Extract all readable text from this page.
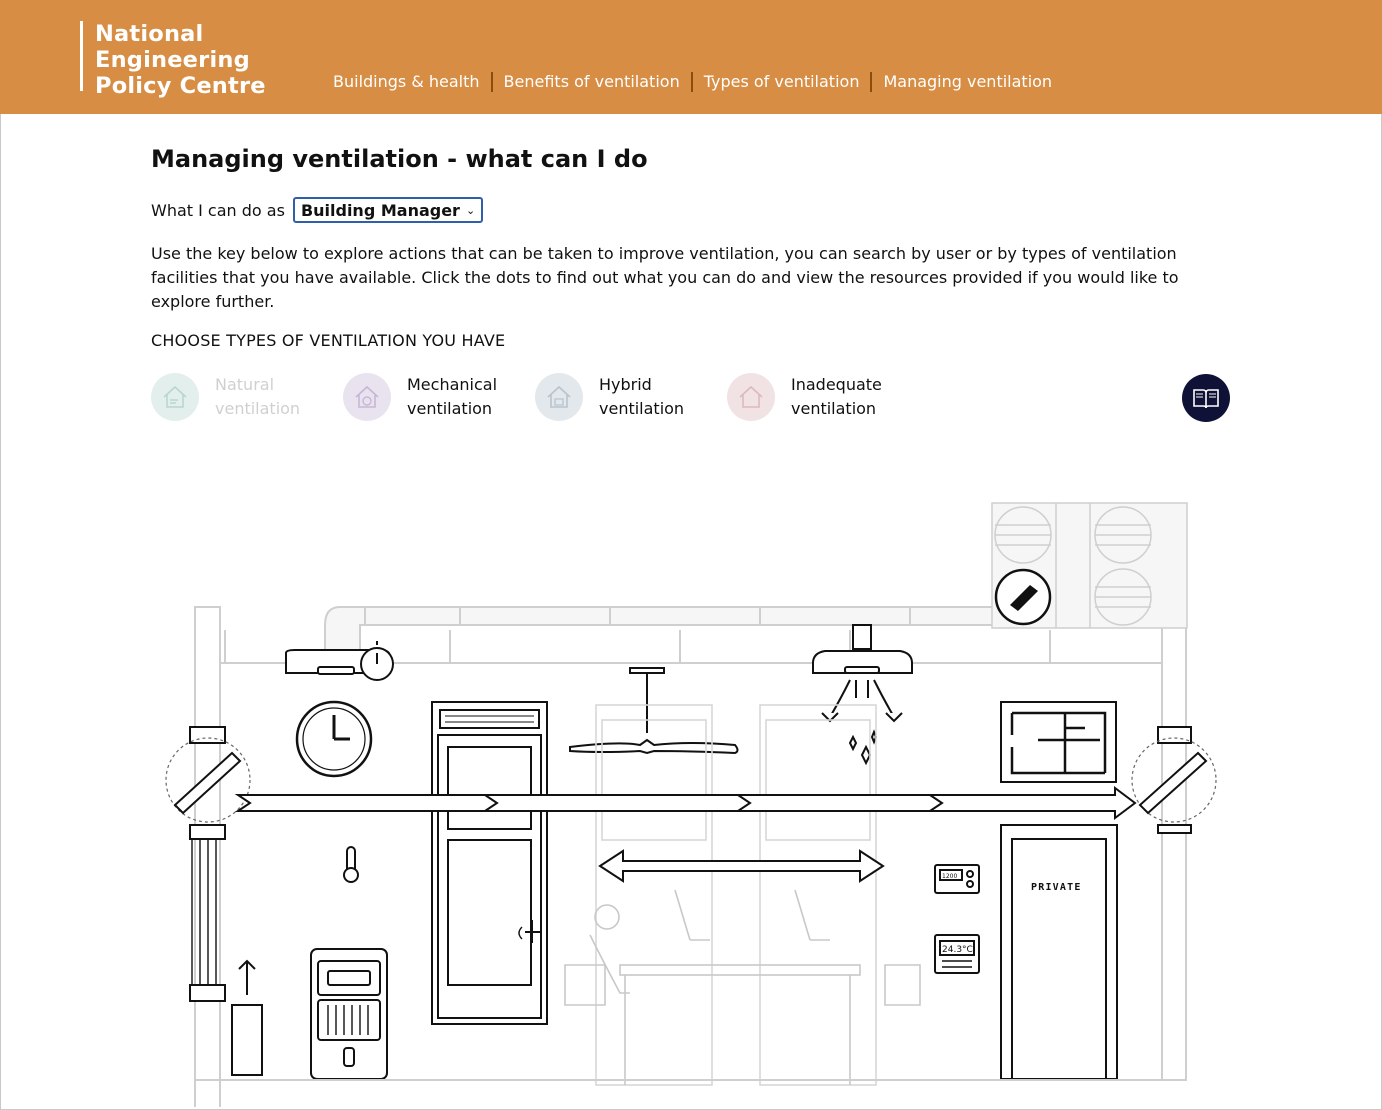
National
Engineering
Policy Centre	Buildings & health	Benefits of ventilation	Types of ventilation	Managing ventilation
Managing ventilation - what can I do
What I can do as Building Manager ⌄

Use the key below to explore actions that can be taken to improve ventilation, you can search by user or by types of ventilation facilities that you have available. Click the dots to find out what you can do and view the resources provided if you would like to explore further.

CHOOSE TYPES OF VENTILATION YOU HAVE
Natural
ventilation
Mechanical
ventilation
Hybrid
ventilation
Inadequate
ventilation
1200
24.3°C
PRIVATE
